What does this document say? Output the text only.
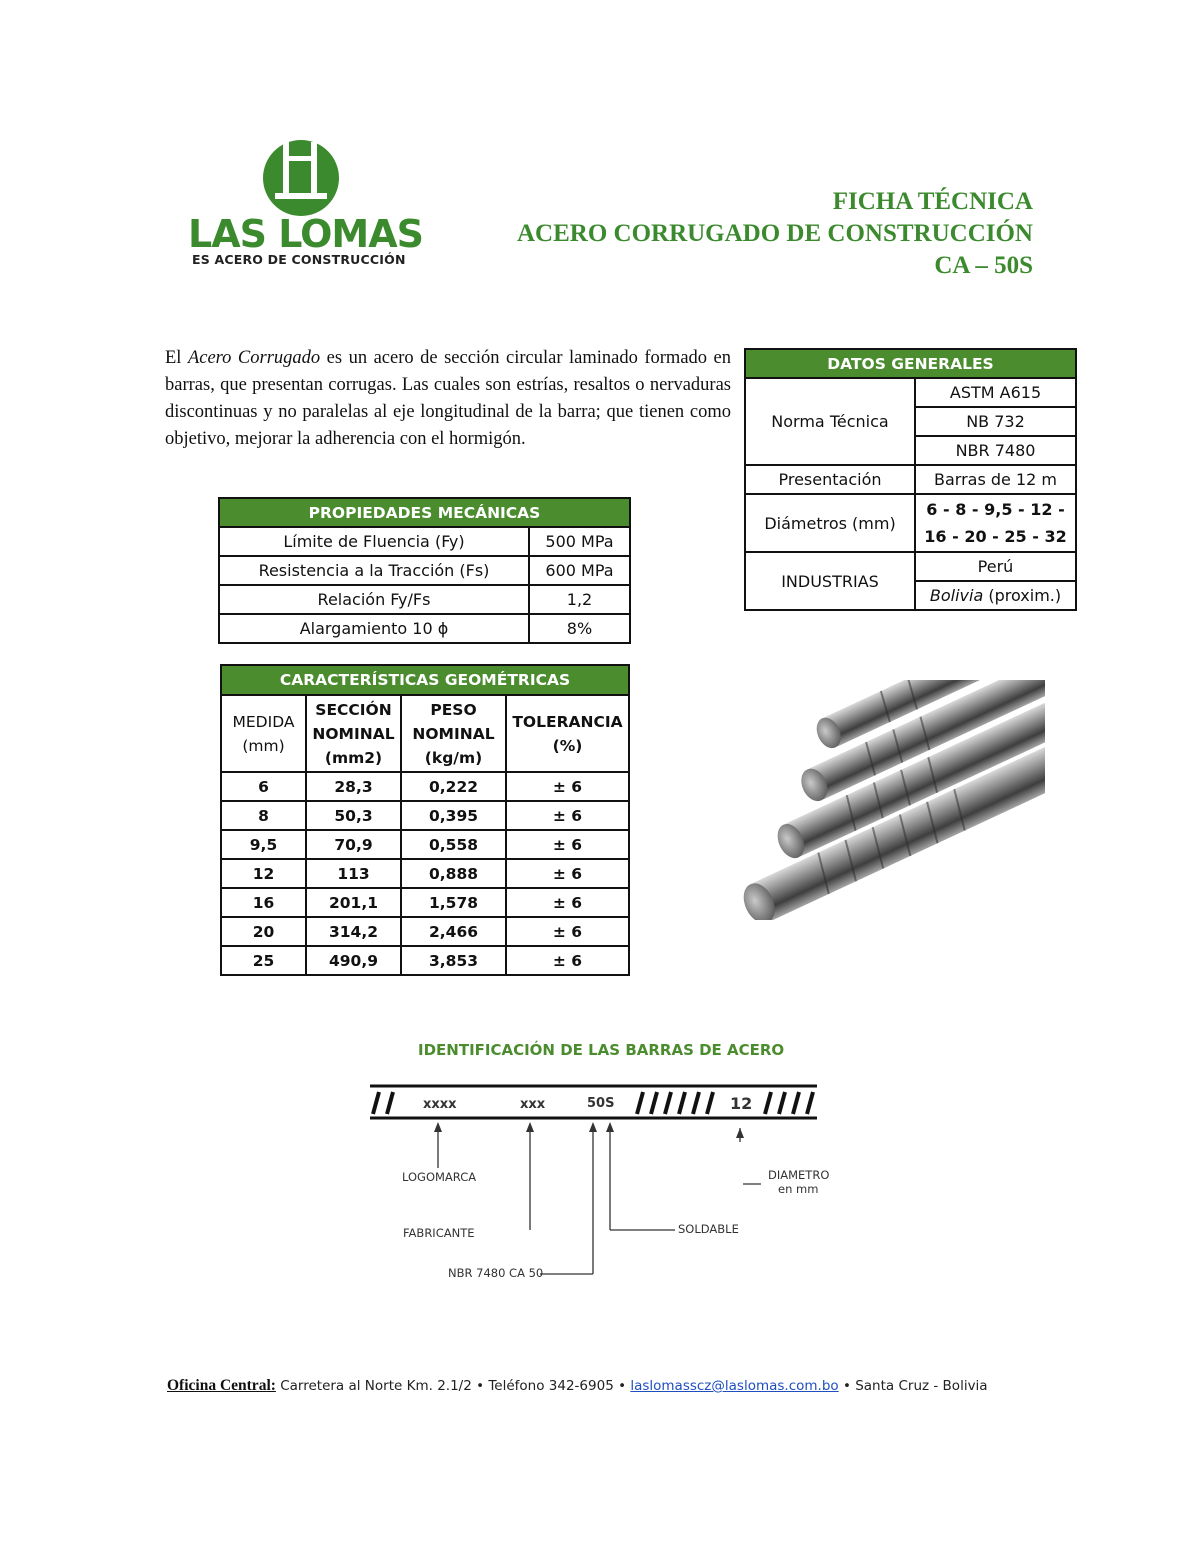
LAS LOMAS
ES ACERO DE CONSTRUCCIÓN
FICHA TÉCNICA
ACERO CORRUGADO DE CONSTRUCCIÓN
CA – 50S
El Acero Corrugado es un acero de sección circular laminado formado en barras, que presentan corrugas. Las cuales son estrías, resaltos o nervaduras discontinuas y no paralelas al eje longitudinal de la barra; que tienen como objetivo, mejorar la adherencia con el hormigón.
PROPIEDADES MECÁNICAS	
Límite de Fluencia (Fy)	500 MPa
Resistencia a la Tracción (Fs)	600 MPa
Relación Fy/Fs	1,2
Alargamiento 10 ϕ	8%
CARACTERÍSTICAS GEOMÉTRICAS			
MEDIDA (mm)	SECCIÓN NOMINAL (mm2)	PESO NOMINAL (kg/m)	TOLERANCIA (%)
6	28,3	0,222	± 6
8	50,3	0,395	± 6
9,5	70,9	0,558	± 6
12	113	0,888	± 6
16	201,1	1,578	± 6
20	314,2	2,466	± 6
25	490,9	3,853	± 6
DATOS GENERALES	
Norma Técnica	ASTM A615
	NB 732
	NBR 7480
Presentación	Barras de 12 m
Diámetros (mm)	6 - 8 - 9,5 - 12 -
16 - 20 - 25 - 32

INDUSTRIAS	Perú
	Bolivia (proxim.)
IDENTIFICACIÓN DE LAS BARRAS DE ACERO
xxxx	xxx	50S	12
LOGOMARCA
FABRICANTE
NBR 7480 CA 50
SOLDABLE
DIAMETRO
en mm
Oficina Central: Carretera al Norte Km. 2.1/2 • Teléfono 342-6905 • laslomasscz@laslomas.com.bo • Santa Cruz - Bolivia
